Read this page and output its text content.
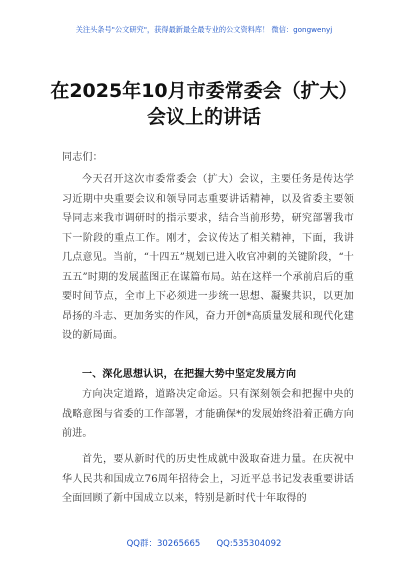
关注头条号"公文研究"，获得最新最全最专业的公文资料库！ 微信：gongwenyj
在2025年10月市委常委会（扩大）
会议上的讲话
同志们：
今天召开这次市委常委会（扩大）会议，主要任务是传达学习近期中央重要会议和领导同志重要讲话精神，以及省委主要领导同志来我市调研时的指示要求，结合当前形势，研究部署我市下一阶段的重点工作。刚才，会议传达了相关精神，下面，我讲几点意见。当前，“十四五”规划已进入收官冲刺的关键阶段，“十五五”时期的发展蓝图正在谋篇布局。站在这样一个承前启后的重要时间节点，全市上下必须进一步统一思想、凝聚共识，以更加昂扬的斗志、更加务实的作风，奋力开创*高质量发展和现代化建设的新局面。
一、深化思想认识，在把握大势中坚定发展方向
方向决定道路，道路决定命运。只有深刻领会和把握中央的战略意图与省委的工作部署，才能确保*的发展始终沿着正确方向前进。
首先，要从新时代的历史性成就中汲取奋进力量。在庆祝中华人民共和国成立76周年招待会上，习近平总书记发表重要讲话全面回顾了新中国成立以来，特别是新时代十年取得的
QQ群：30265665      QQ:535304092
